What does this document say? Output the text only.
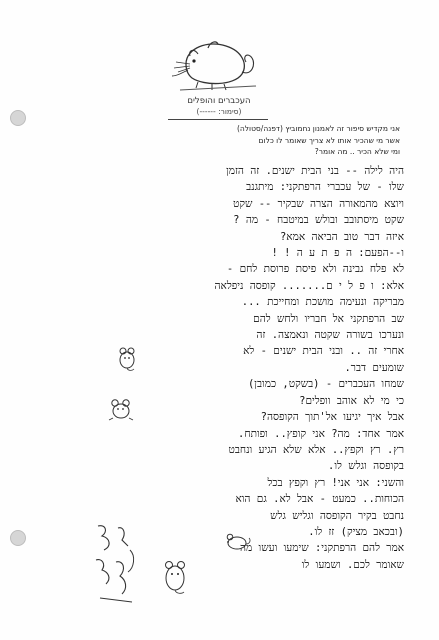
העכברים והופלים
(סימור: ------)
אני מקדיש סיפור זה לאמנון נחמוביץ (דפנה/סטולה)
אשר מי שהכיר אותו לא צריך שאומר לו כלום
ומי שלא הכיר .. מה אומר?
היה לילה -- בני הבית ישנים. זה הזמן
שלו - של עכברי הרפתקני: מיתגנב
ויוצא מהמאורה הצרה שבקיר -- שקט
שקט מיסתובב ובולש במיטבח - מה ?
איזה דבר טוב הביאה אמא?
ו--הפעם: ה פ ת ע ה ! !
לא פלח גבינה ולא פיסת פרוסת לחם -
אלא: ו פ ל י ם....... קופסה ניפלאה
מבריקה ונעימה מושכת ומחייכת ...
שב הרפתקני אל חבריו ולחש להם
ונערכו בשורה שקטה ונאמצה. זה
אחרי זה .. ובני הבית ישנים - לא
שומעים דבר.
שמחו העכברים - (בשקט, כמובן)
כי מי לא אוהב וופלים?
אבל איך יגיעו אל'תוך הקופסה?
אמר אחד: מה? אני קופץ.. ופותח.
רץ. רץ וקפץ.. אלא שלא הגיע ונחבט
בקופסה וגלש לו.
והשני: אני אני! רץ וקפץ בכל
הכוחות.. כמעט - אבל לא. גם הוא
נחבט בקיר הקופסה וגליש גלש
(ובכאב מציק) זז לו.
אמר להם הרפתקני: שימעו ועשו מה
שאומר לכם. ושמעו לו
